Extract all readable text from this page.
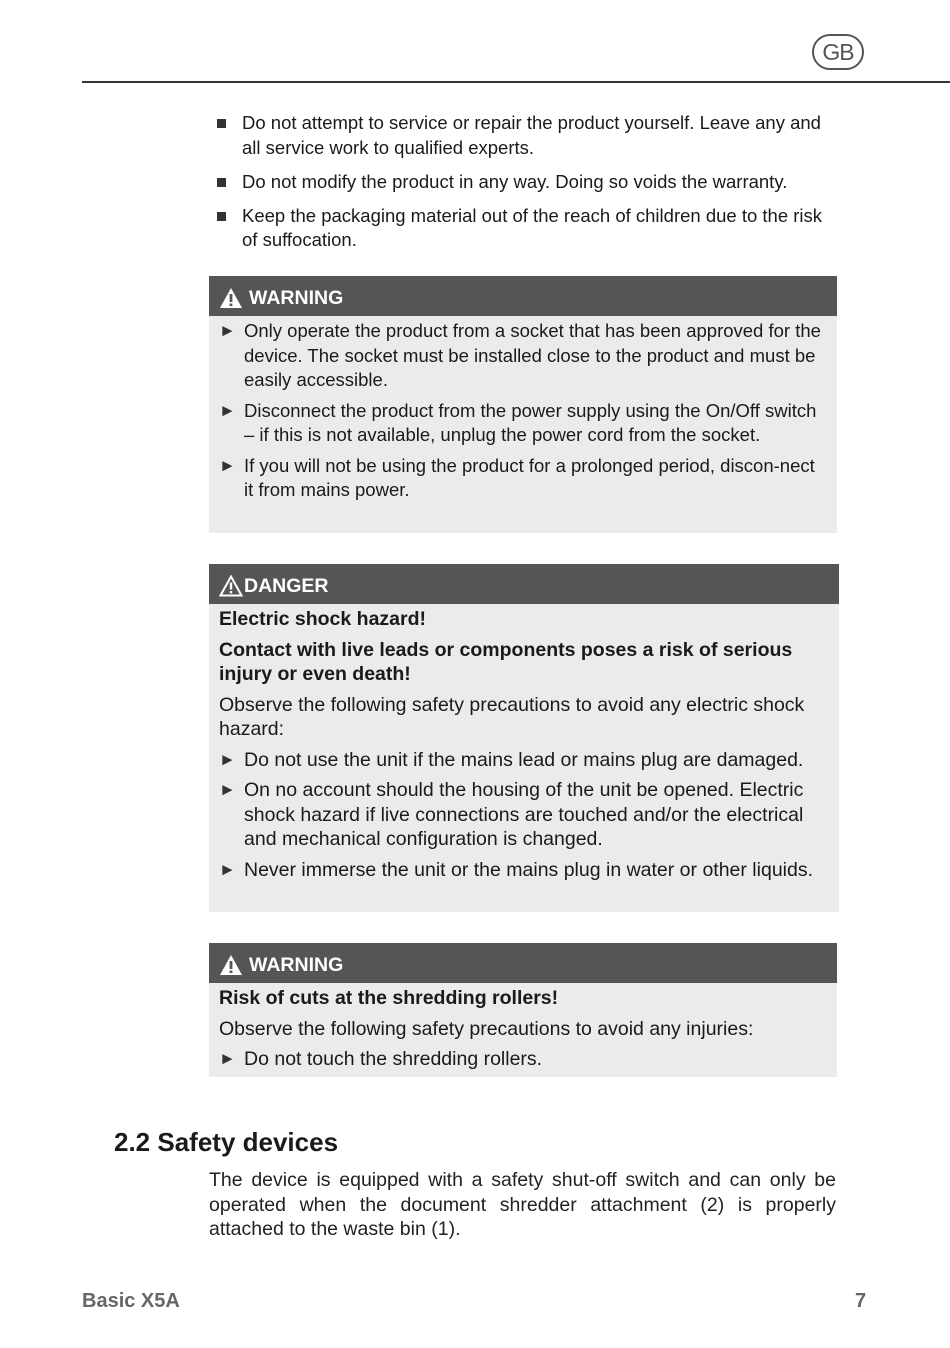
GB
Do not attempt to service or repair the product yourself. Leave any and all service work to qualified experts.
Do not modify the product in any way. Doing so voids the warranty.
Keep the packaging material out of the reach of children due to the risk of suffocation.
WARNING
► Only operate the product from a socket that has been approved for the device. The socket must be installed close to the product and must be easily accessible.
► Disconnect the product from the power supply using the On/Off switch – if this is not available, unplug the power cord from the socket.
► If you will not be using the product for a prolonged period, discon-nect it from mains power.
DANGER
Electric shock hazard!
Contact with live leads or components poses a risk of serious injury or even death!
Observe the following safety precautions to avoid any electric shock hazard:
► Do not use the unit if the mains lead or mains plug are damaged.
► On no account should the housing of the unit be opened. Electric shock hazard if live connections are touched and/or the electrical and mechanical configuration is changed.
► Never immerse the unit or the mains plug in water or other liquids.
WARNING
Risk of cuts at the shredding rollers!
Observe the following safety precautions to avoid any injuries:
► Do not touch the shredding rollers.
2.2 Safety devices
The device is equipped with a safety shut-off switch and can only be operated when the document shredder attachment (2) is properly attached to the waste bin (1).
Basic X5A	7
